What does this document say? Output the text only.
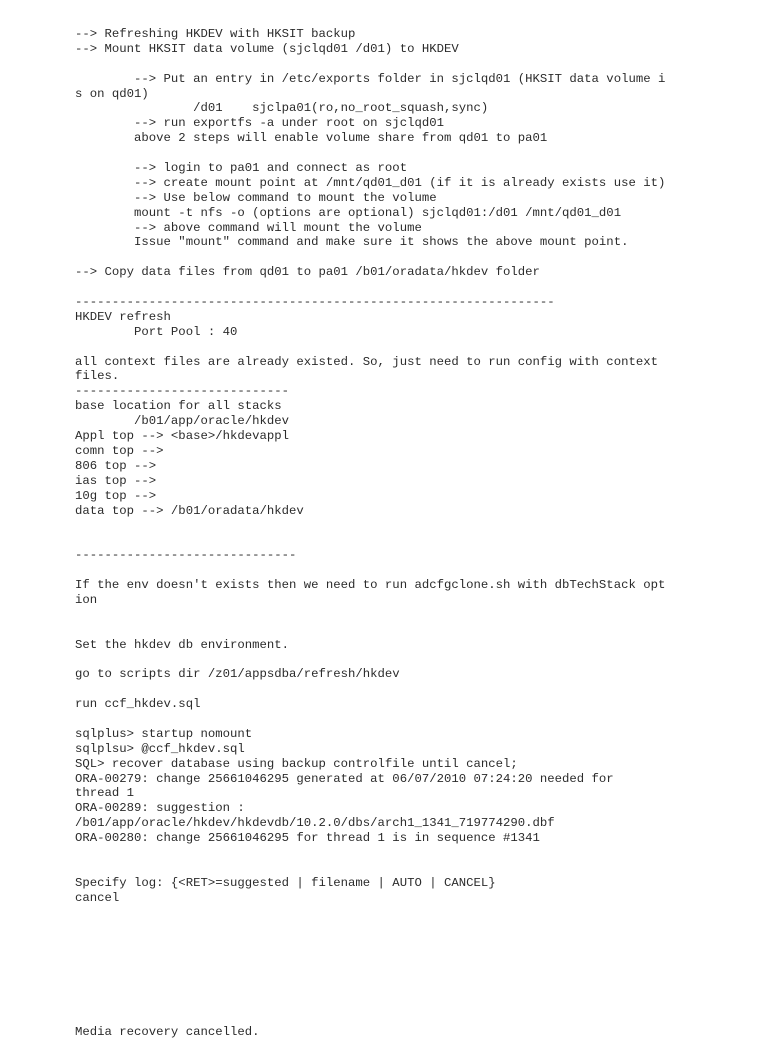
--> Refreshing HKDEV with HKSIT backup
--> Mount HKSIT data volume (sjclqd01 /d01) to HKDEV
--> Put an entry in /etc/exports folder in sjclqd01 (HKSIT data volume i
s on qd01)
/d01    sjclpa01(ro,no_root_squash,sync)
--> run exportfs -a under root on sjclqd01
above 2 steps will enable volume share from qd01 to pa01
--> login to pa01 and connect as root
--> create mount point at /mnt/qd01_d01 (if it is already exists use it)
--> Use below command to mount the volume
mount -t nfs -o (options are optional) sjclqd01:/d01 /mnt/qd01_d01
--> above command will mount the volume
Issue "mount" command and make sure it shows the above mount point.
--> Copy data files from qd01 to pa01 /b01/oradata/hkdev folder
-----------------------------------------------------------------
HKDEV refresh
Port Pool : 40
all context files are already existed. So, just need to run config with context
files.
-----------------------------
base location for all stacks
/b01/app/oracle/hkdev
Appl top --> <base>/hkdevappl
comn top -->
806 top -->
ias top -->
10g top -->
data top --> /b01/oradata/hkdev
------------------------------
If the env doesn't exists then we need to run adcfgclone.sh with dbTechStack opt
ion
Set the hkdev db environment.
go to scripts dir /z01/appsdba/refresh/hkdev
run ccf_hkdev.sql
sqlplus> startup nomount
sqlplsu> @ccf_hkdev.sql
SQL> recover database using backup controlfile until cancel;
ORA-00279: change 25661046295 generated at 06/07/2010 07:24:20 needed for
thread 1
ORA-00289: suggestion :
/b01/app/oracle/hkdev/hkdevdb/10.2.0/dbs/arch1_1341_719774290.dbf
ORA-00280: change 25661046295 for thread 1 is in sequence #1341
Specify log: {<RET>=suggested | filename | AUTO | CANCEL}
cancel
Media recovery cancelled.
